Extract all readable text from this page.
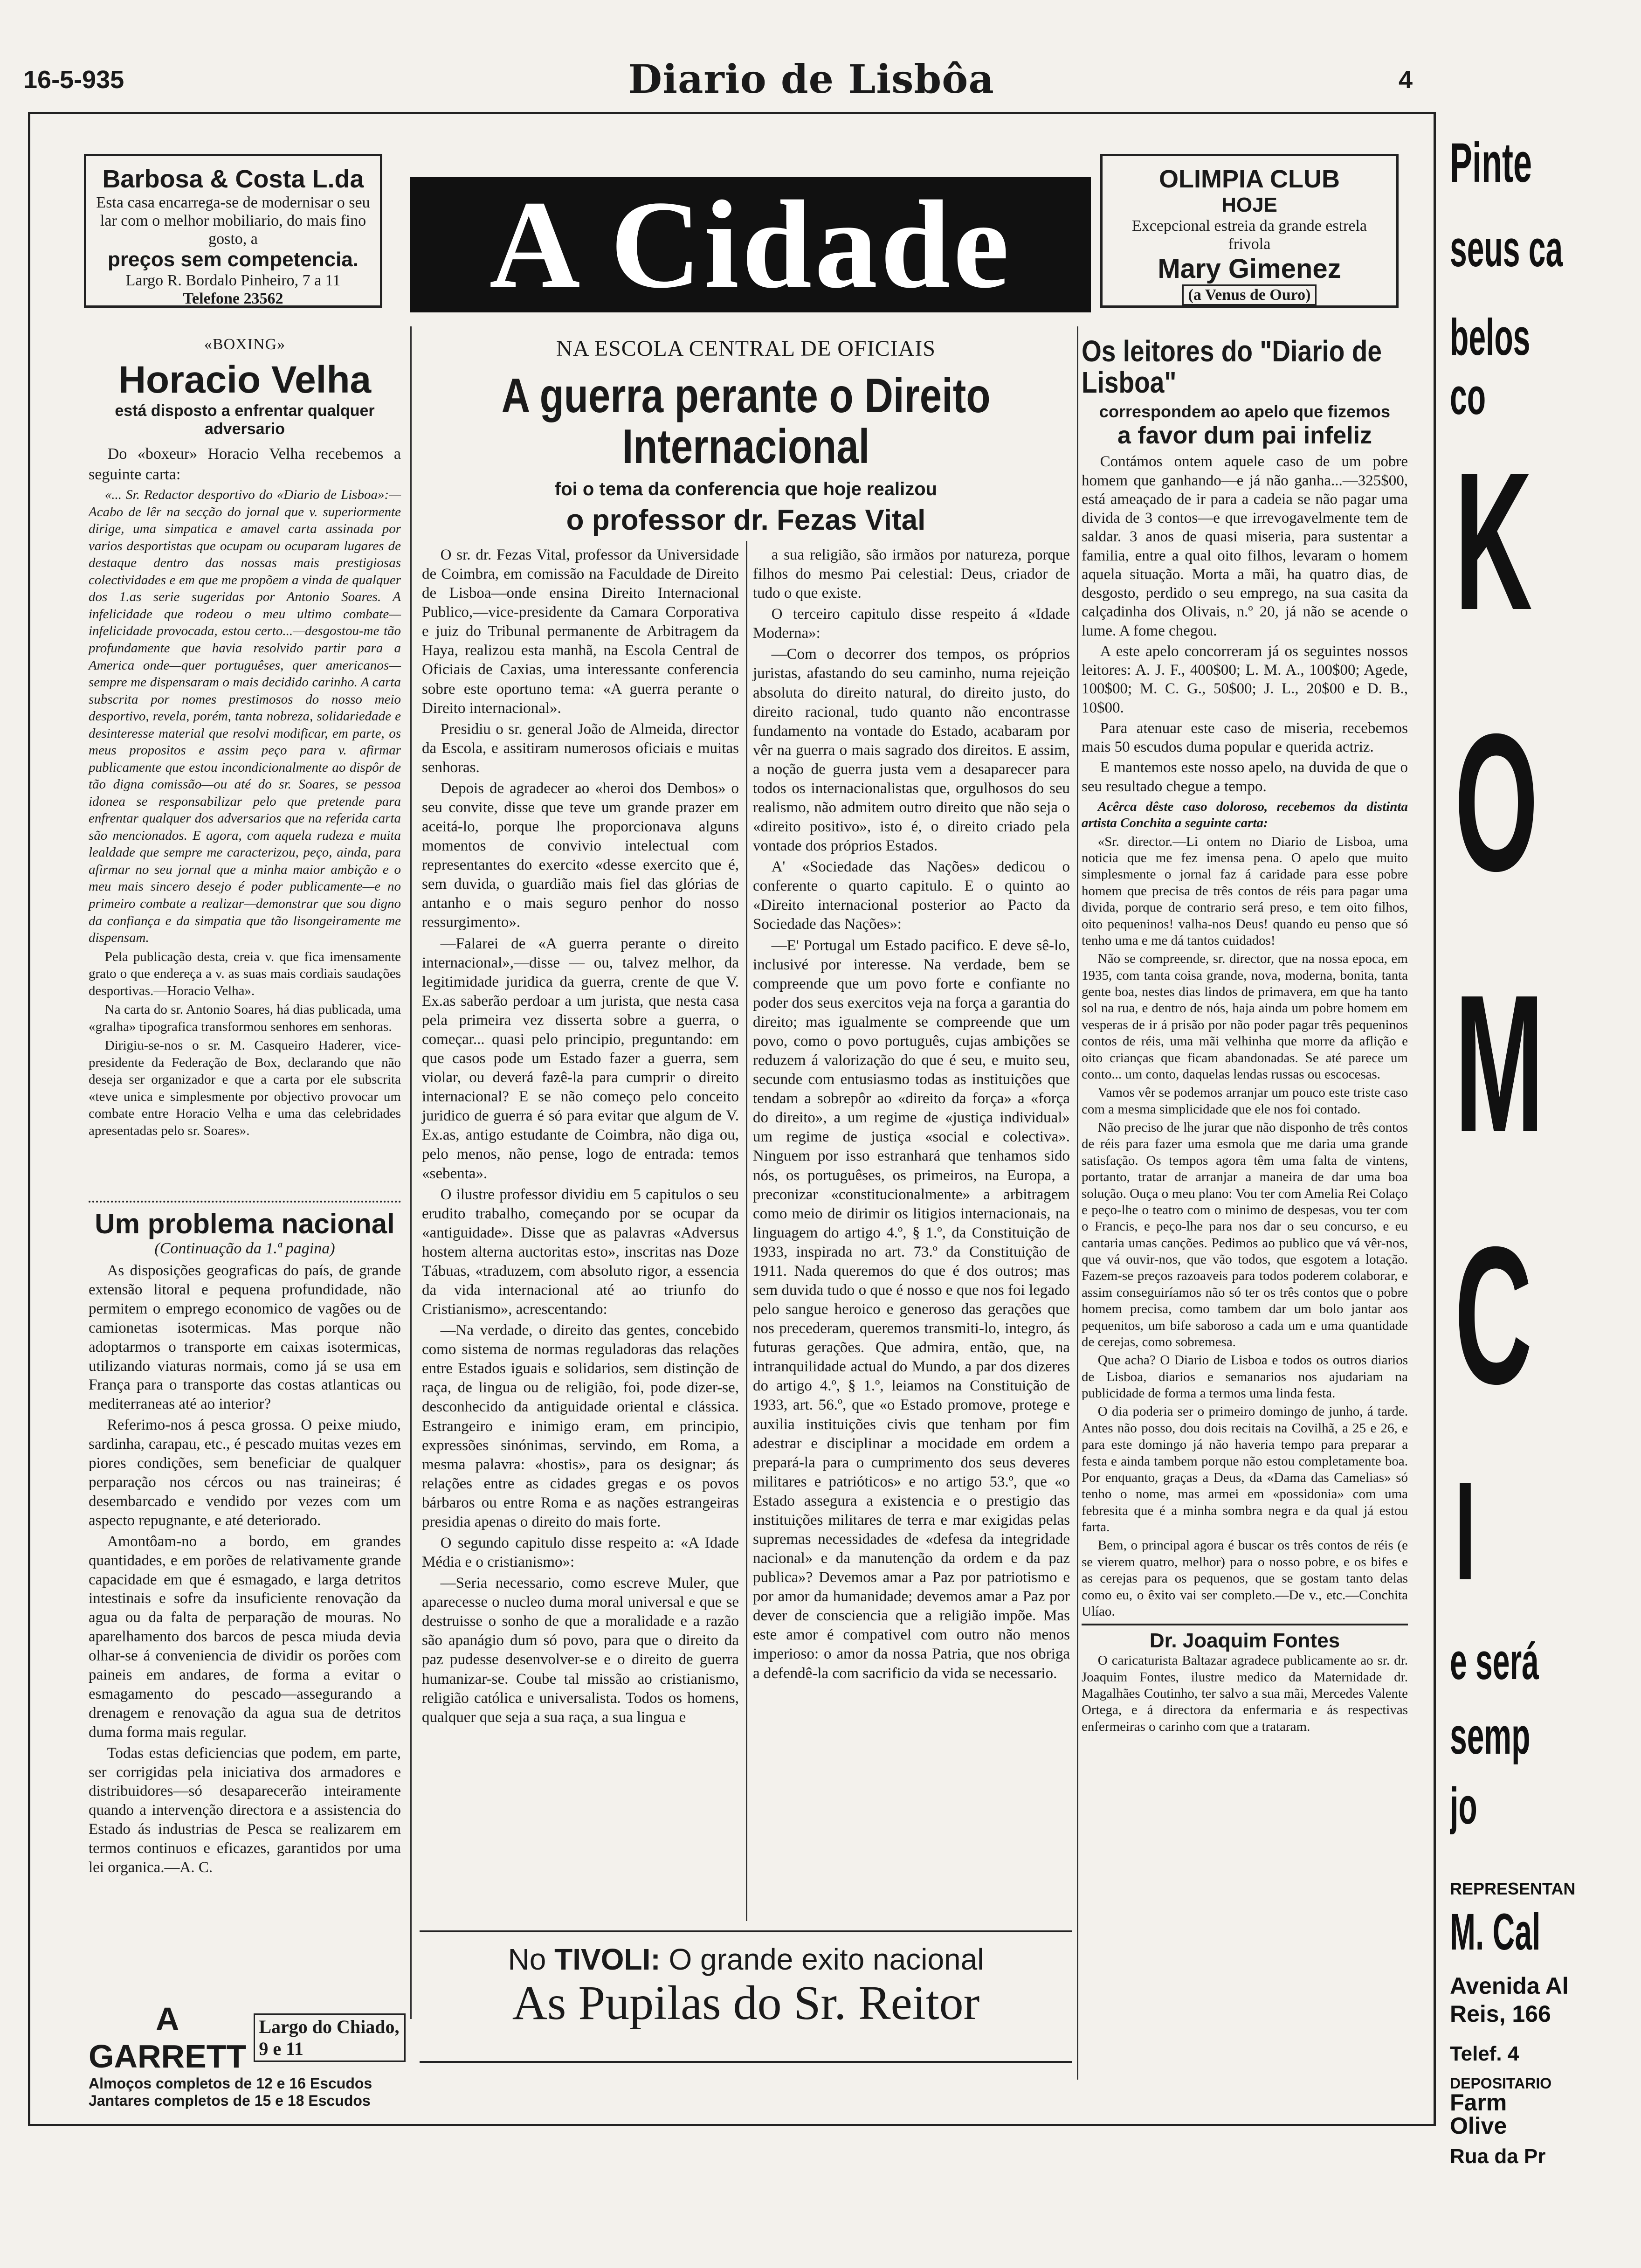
16-5-935	Diario de Lisbôa	4
Barbosa & Costa L.da
Esta casa encarrega-se de modernisar o seu lar com o melhor mobiliario, do mais fino gosto, a
preços sem competencia.
Largo R. Bordalo Pinheiro, 7 a 11
Telefone 23562	A Cidade	OLIMPIA CLUB
HOJE
Excepcional estreia da grande estrela frivola
Mary Gimenez
(a Venus de Ouro)
«BOXING»
Horacio Velha
está disposto a enfrentar qualquer adversario

Do «boxeur» Horacio Velha recebemos a seguinte carta:

«... Sr. Redactor desportivo do «Diario de Lisboa»:—Acabo de lêr na secção do jornal que v. superiormente dirige, uma simpatica e amavel carta assinada por varios desportistas que ocupam ou ocuparam lugares de destaque dentro das nossas mais prestigiosas colectividades e em que me propõem a vinda de qualquer dos 1.as serie sugeridas por Antonio Soares. A infelicidade que rodeou o meu ultimo combate—infelicidade provocada, estou certo...—desgostou-me tão profundamente que havia resolvido partir para a America onde—quer portuguêses, quer americanos—sempre me dispensaram o mais decidido carinho. A carta subscrita por nomes prestimosos do nosso meio desportivo, revela, porém, tanta nobreza, solidariedade e desinteresse material que resolvi modificar, em parte, os meus propositos e assim peço para v. afirmar publicamente que estou incondicionalmente ao dispôr de tão digna comissão—ou até do sr. Soares, se pessoa idonea se responsabilizar pelo que pretende para enfrentar qualquer dos adversarios que na referida carta são mencionados. E agora, com aquela rudeza e muita lealdade que sempre me caracterizou, peço, ainda, para afirmar no seu jornal que a minha maior ambição e o meu mais sincero desejo é poder publicamente—e no primeiro combate a realizar—demonstrar que sou digno da confiança e da simpatia que tão lisongeiramente me dispensam.

Pela publicação desta, creia v. que fica imensamente grato o que endereça a v. as suas mais cordiais saudações desportivas.—Horacio Velha».

Na carta do sr. Antonio Soares, há dias publicada, uma «gralha» tipografica transformou senhores em senhoras.

Dirigiu-se-nos o sr. M. Casqueiro Haderer, vice-presidente da Federação de Box, declarando que não deseja ser organizador e que a carta por ele subscrita «teve unica e simplesmente por objectivo provocar um combate entre Horacio Velha e uma das celebridades apresentadas pelo sr. Soares».

Um problema nacional
(Continuação da 1.ª pagina)

As disposições geograficas do país, de grande extensão litoral e pequena profundidade, não permitem o emprego economico de vagões ou de camionetas isotermicas. Mas porque não adoptarmos o transporte em caixas isotermicas, utilizando viaturas normais, como já se usa em França para o transporte das costas atlanticas ou mediterraneas até ao interior?

Referimo-nos á pesca grossa. O peixe miudo, sardinha, carapau, etc., é pescado muitas vezes em piores condições, sem beneficiar de qualquer perparação nos cércos ou nas traineiras; é desembarcado e vendido por vezes com um aspecto repugnante, e até deteriorado.

Amontôam-no a bordo, em grandes quantidades, e em porões de relativamente grande capacidade em que é esmagado, e larga detritos intestinais e sofre da insuficiente renovação da agua ou da falta de perparação de mouras. No aparelhamento dos barcos de pesca miuda devia olhar-se á conveniencia de dividir os porões com paineis em andares, de forma a evitar o esmagamento do pescado—assegurando a drenagem e renovação da agua sua de detritos duma forma mais regular.

Todas estas deficiencias que podem, em parte, ser corrigidas pela iniciativa dos armadores e distribuidores—só desaparecerão inteiramente quando a intervenção directora e a assistencia do Estado ás industrias de Pesca se realizarem em termos continuos e eficazes, garantidos por uma lei organica.—A. C.

A GARRETT
Largo do Chiado, 9 e 11
Almoços completos de 12 e 16 Escudos
Jantares completos de 15 e 18 Escudos
NA ESCOLA CENTRAL DE OFICIAIS
A guerra perante o Direito Internacional
foi o tema da conferencia que hoje realizou
o professor dr. Fezas Vital

O sr. dr. Fezas Vital, professor da Universidade de Coimbra, em comissão na Faculdade de Direito de Lisboa—onde ensina Direito Internacional Publico,—vice-presidente da Camara Corporativa e juiz do Tribunal permanente de Arbitragem da Haya, realizou esta manhã, na Escola Central de Oficiais de Caxias, uma interessante conferencia sobre este oportuno tema: «A guerra perante o Direito internacional».

Presidiu o sr. general João de Almeida, director da Escola, e assitiram numerosos oficiais e muitas senhoras.

Depois de agradecer ao «heroi dos Dembos» o seu convite, disse que teve um grande prazer em aceitá-lo, porque lhe proporcionava alguns momentos de convivio intelectual com representantes do exercito «desse exercito que é, sem duvida, o guardião mais fiel das glórias de antanho e o mais seguro penhor do nosso ressurgimento».

—Falarei de «A guerra perante o direito internacional»,—disse — ou, talvez melhor, da legitimidade juridica da guerra, crente de que V. Ex.as saberão perdoar a um jurista, que nesta casa pela primeira vez disserta sobre a guerra, o começar... quasi pelo principio, preguntando: em que casos pode um Estado fazer a guerra, sem violar, ou deverá fazê-la para cumprir o direito internacional? E se não começo pelo conceito juridico de guerra é só para evitar que algum de V. Ex.as, antigo estudante de Coimbra, não diga ou, pelo menos, não pense, logo de entrada: temos «sebenta».

O ilustre professor dividiu em 5 capitulos o seu erudito trabalho, começando por se ocupar da «antiguidade». Disse que as palavras «Adversus hostem alterna auctoritas esto», inscritas nas Doze Tábuas, «traduzem, com absoluto rigor, a essencia da vida internacional até ao triunfo do Cristianismo», acrescentando:

—Na verdade, o direito das gentes, concebido como sistema de normas reguladoras das relações entre Estados iguais e solidarios, sem distinção de raça, de lingua ou de religião, foi, pode dizer-se, desconhecido da antiguidade oriental e clássica. Estrangeiro e inimigo eram, em principio, expressões sinónimas, servindo, em Roma, a mesma palavra: «hostis», para os designar; ás relações entre as cidades gregas e os povos bárbaros ou entre Roma e as nações estrangeiras presidia apenas o direito do mais forte.

O segundo capitulo disse respeito a: «A Idade Média e o cristianismo»:

—Seria necessario, como escreve Muler, que aparecesse o nucleo duma moral universal e que se destruisse o sonho de que a moralidade e a razão são apanágio dum só povo, para que o direito da paz pudesse desenvolver-se e o direito de guerra humanizar-se. Coube tal missão ao cristianismo, religião católica e universalista. Todos os homens, qualquer que seja a sua raça, a sua lingua e

a sua religião, são irmãos por natureza, porque filhos do mesmo Pai celestial: Deus, criador de tudo o que existe.

O terceiro capitulo disse respeito á «Idade Moderna»:

—Com o decorrer dos tempos, os próprios juristas, afastando do seu caminho, numa rejeição absoluta do direito natural, do direito justo, do direito racional, tudo quanto não encontrasse fundamento na vontade do Estado, acabaram por vêr na guerra o mais sagrado dos direitos. E assim, a noção de guerra justa vem a desaparecer para todos os internacionalistas que, orgulhosos do seu realismo, não admitem outro direito que não seja o «direito positivo», isto é, o direito criado pela vontade dos próprios Estados.

A' «Sociedade das Nações» dedicou o conferente o quarto capitulo. E o quinto ao «Direito internacional posterior ao Pacto da Sociedade das Nações»:

—E' Portugal um Estado pacifico. E deve sê-lo, inclusivé por interesse. Na verdade, bem se compreende que um povo forte e confiante no poder dos seus exercitos veja na força a garantia do direito; mas igualmente se compreende que um povo, como o povo português, cujas ambições se reduzem á valorização do que é seu, e muito seu, secunde com entusiasmo todas as instituições que tendam a sobrepôr ao «direito da força» a «força do direito», a um regime de «justiça individual» um regime de justiça «social e colectiva». Ninguem por isso estranhará que tenhamos sido nós, os portuguêses, os primeiros, na Europa, a preconizar «constitucionalmente» a arbitragem como meio de dirimir os litigios internacionais, na linguagem do artigo 4.º, § 1.º, da Constituição de 1933, inspirada no art. 73.º da Constituição de 1911. Nada queremos do que é dos outros; mas sem duvida tudo o que é nosso e que nos foi legado pelo sangue heroico e generoso das gerações que nos precederam, queremos transmiti-lo, integro, ás futuras gerações. Que admira, então, que, na intranquilidade actual do Mundo, a par dos dizeres do artigo 4.º, § 1.º, leiamos na Constituição de 1933, art. 56.º, que «o Estado promove, protege e auxilia instituições civis que tenham por fim adestrar e disciplinar a mocidade em ordem a prepará-la para o cumprimento dos seus deveres militares e patrióticos» e no artigo 53.º, que «o Estado assegura a existencia e o prestigio das instituições militares de terra e mar exigidas pelas supremas necessidades de «defesa da integridade nacional» e da manutenção da ordem e da paz publica»? Devemos amar a Paz por patriotismo e por amor da humanidade; devemos amar a Paz por dever de consciencia que a religião impõe. Mas este amor é compativel com outro não menos imperioso: o amor da nossa Patria, que nos obriga a defendê-la com sacrificio da vida se necessario.

No TIVOLI: O grande exito nacional
As Pupilas do Sr. Reitor
Os leitores do "Diario de Lisboa"
correspondem ao apelo que fizemos
a favor dum pai infeliz

Contámos ontem aquele caso de um pobre homem que ganhando—e já não ganha...—325$00, está ameaçado de ir para a cadeia se não pagar uma divida de 3 contos—e que irrevogavelmente tem de saldar. 3 anos de quasi miseria, para sustentar a familia, entre a qual oito filhos, levaram o homem aquela situação. Morta a mãi, ha quatro dias, de desgosto, perdido o seu emprego, na sua casita da calçadinha dos Olivais, n.º 20, já não se acende o lume. A fome chegou.

A este apelo concorreram já os seguintes nossos leitores: A. J. F., 400$00; L. M. A., 100$00; Agede, 100$00; M. C. G., 50$00; J. L., 20$00 e D. B., 10$00.

Para atenuar este caso de miseria, recebemos mais 50 escudos duma popular e querida actriz.

E mantemos este nosso apelo, na duvida de que o seu resultado chegue a tempo.

Acêrca dêste caso doloroso, recebemos da distinta artista Conchita a seguinte carta:

«Sr. director.—Li ontem no Diario de Lisboa, uma noticia que me fez imensa pena. O apelo que muito simplesmente o jornal faz á caridade para esse pobre homem que precisa de três contos de réis para pagar uma divida, porque de contrario será preso, e tem oito filhos, oito pequeninos! valha-nos Deus! quando eu penso que só tenho uma e me dá tantos cuidados!

Não se compreende, sr. director, que na nossa epoca, em 1935, com tanta coisa grande, nova, moderna, bonita, tanta gente boa, nestes dias lindos de primavera, em que ha tanto sol na rua, e dentro de nós, haja ainda um pobre homem em vesperas de ir á prisão por não poder pagar três pequeninos contos de réis, uma mãi velhinha que morre da aflição e oito crianças que ficam abandonadas. Se até parece um conto... um conto, daquelas lendas russas ou escocesas.

Vamos vêr se podemos arranjar um pouco este triste caso com a mesma simplicidade que ele nos foi contado.

Não preciso de lhe jurar que não disponho de três contos de réis para fazer uma esmola que me daria uma grande satisfação. Os tempos agora têm uma falta de vintens, portanto, tratar de arranjar a maneira de dar uma boa solução. Ouça o meu plano: Vou ter com Amelia Rei Colaço e peço-lhe o teatro com o minimo de despesas, vou ter com o Francis, e peço-lhe para nos dar o seu concurso, e eu cantaria umas canções. Pedimos ao publico que vá vêr-nos, que vá ouvir-nos, que vão todos, que esgotem a lotação. Fazem-se preços razoaveis para todos poderem colaborar, e assim conseguiríamos não só ter os três contos que o pobre homem precisa, como tambem dar um bolo jantar aos pequenitos, um bife saboroso a cada um e uma quantidade de cerejas, como sobremesa.

Que acha? O Diario de Lisboa e todos os outros diarios de Lisboa, diarios e semanarios nos ajudariam na publicidade de forma a termos uma linda festa.

O dia poderia ser o primeiro domingo de junho, á tarde. Antes não posso, dou dois recitais na Covilhã, a 25 e 26, e para este domingo já não haveria tempo para preparar a festa e ainda tambem porque não estou completamente boa. Por enquanto, graças a Deus, da «Dama das Camelias» só tenho o nome, mas armei em «possidonia» com uma febresita que é a minha sombra negra e da qual já estou farta.

Bem, o principal agora é buscar os três contos de réis (e se vierem quatro, melhor) para o nosso pobre, e os bifes e as cerejas para os pequenos, que se gostam tanto delas como eu, o êxito vai ser completo.—De v., etc.—Conchita Ulíao.

Dr. Joaquim Fontes

O caricaturista Baltazar agradece publicamente ao sr. dr. Joaquim Fontes, ilustre medico da Maternidade dr. Magalhães Coutinho, ter salvo a sua mãi, Mercedes Valente Ortega, e á directora da enfermaria e ás respectivas enfermeiras o carinho com que a trataram.

Pinte
seus ca
belos co
K
O
M
C
I
e será
semp
jo
REPRESENTAN
M. Cal
Avenida Al
Reis, 166
Telef. 4
DEPOSITARIO
Farm
Olive
Rua da Pr
